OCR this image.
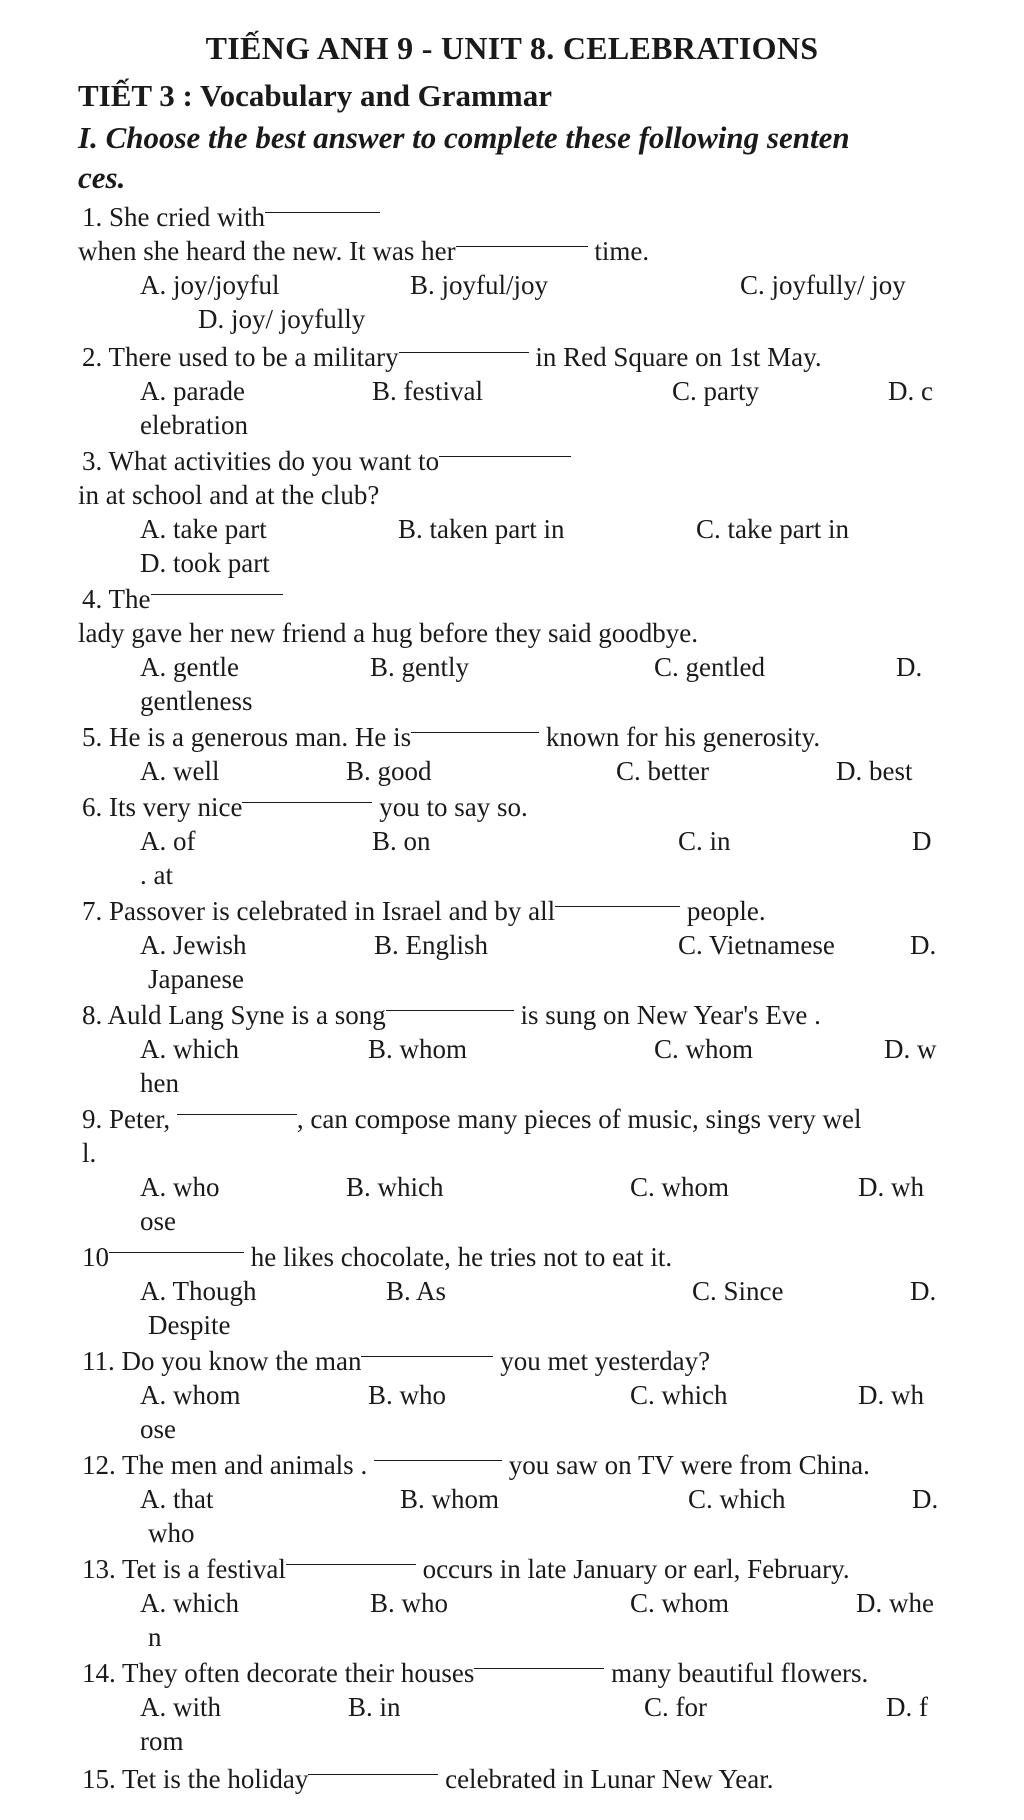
TIẾNG ANH 9 - UNIT 8. CELEBRATIONS
TIẾT 3 : Vocabulary and Grammar
I. Choose the best answer to complete these following senten
ces.
1. She cried with
when she heard the new. It was her	time.
A. joy/joyful	B. joyful/joy	C. joyfully/ joy
D. joy/ joyfully
2. There used to be a military	in Red Square on 1st May.
A. parade	B. festival	C. party	D. c
elebration
3. What activities do you want to
in at school and at the club?
A. take part	B. taken part in	C. take part in
D. took part
4. The
lady gave her new friend a hug before they said goodbye.
A. gentle	B. gently	C. gentled	D.
gentleness
5. He is a generous man. He is	known for his generosity.
A. well	B. good	C. better	D. best
6. Its very nice	you to say so.
A. of	B. on	C. in	D
. at
7. Passover is celebrated in Israel and by all	people.
A. Jewish	B. English	C. Vietnamese	D.
Japanese
8. Auld Lang Syne is a song	is sung on New Year's Eve .
A. which	B. whom	C. whom	D. w
hen
9. Peter,	, can compose many pieces of music, sings very wel
l.
A. who	B. which	C. whom	D. wh
ose
10	he likes chocolate, he tries not to eat it.
A. Though	B. As	C. Since	D.
Despite
11. Do you know the man	you met yesterday?
A. whom	B. who	C. which	D. wh
ose
12. The men and animals .	you saw on TV were from China.
A. that	B. whom	C. which	D.
who
13. Tet is a festival	occurs in late January or earl, February.
A. which	B. who	C. whom	D. whe
n
14. They often decorate their houses	many beautiful flowers.
A. with	B. in	C. for	D. f
rom
15. Tet is the holiday	celebrated in Lunar New Year.
